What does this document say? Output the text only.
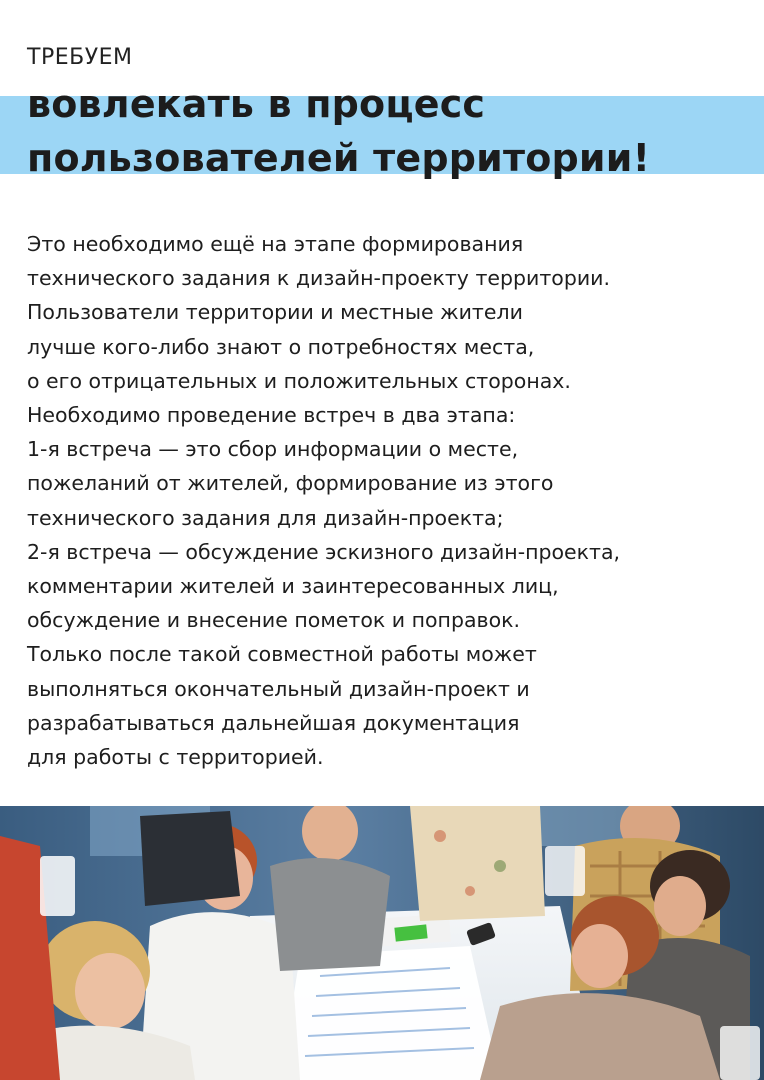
ТРЕБУЕМ
вовлекать в процесс
пользователей территории!

Это необходимо ещё на этапе формирования
технического задания к дизайн-проекту территории.
Пользователи территории и местные жители
лучше кого-либо знают о потребностях места,
о его отрицательных и положительных сторонах.
Необходимо проведение встреч в два этапа:
1-я встреча — это сбор информации о месте,
пожеланий от жителей, формирование из этого
технического задания для дизайн-проекта;
2-я встреча — обсуждение эскизного дизайн-проекта,
комментарии жителей и заинтересованных лиц,
обсуждение и внесение пометок и поправок.
Только после такой совместной работы может
выполняться окончательный дизайн-проект и
разрабатываться дальнейшая документация
для работы с территорией.
